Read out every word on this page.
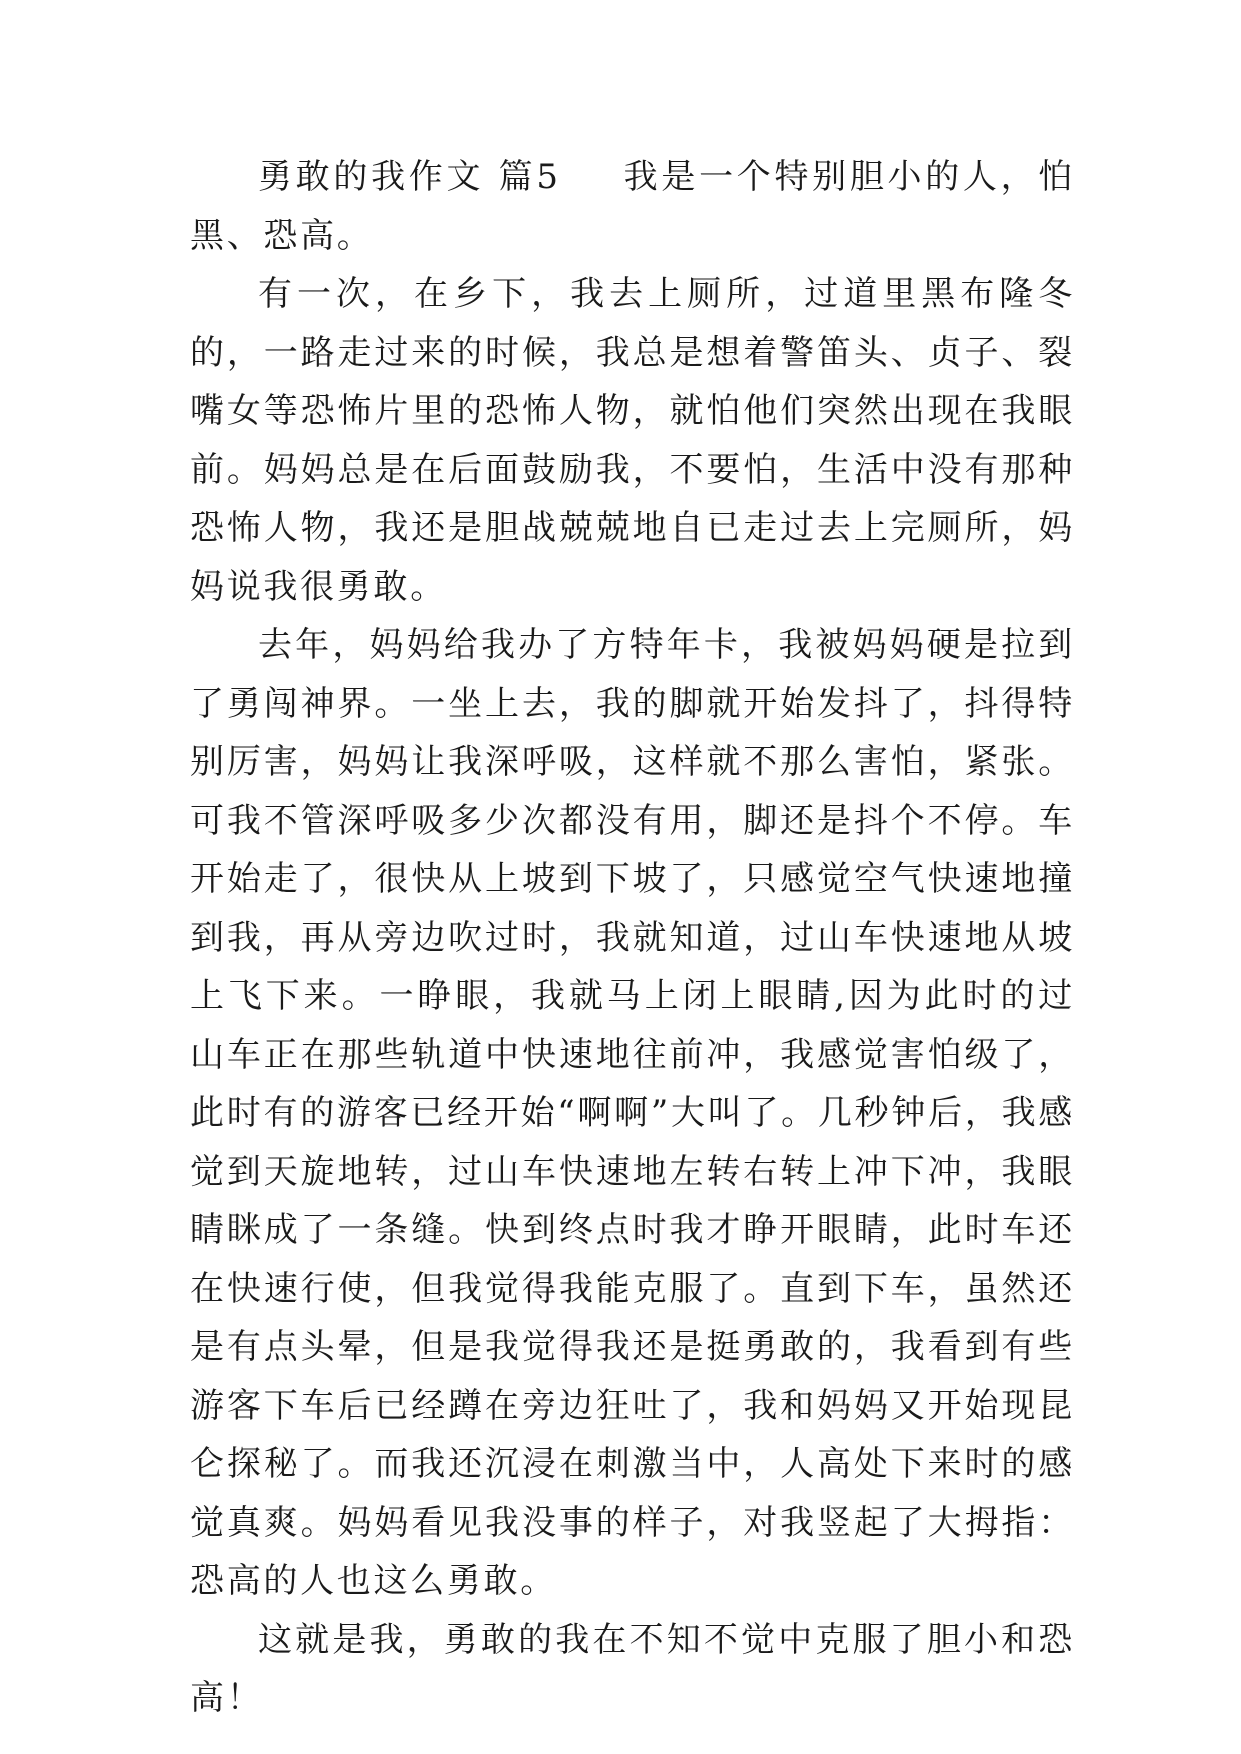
勇敢的我作文 篇5 我是一个特别胆小的人，怕黑、恐高。

有一次，在乡下，我去上厕所，过道里黑布隆冬的，一路走过来的时候，我总是想着警笛头、贞子、裂嘴女等恐怖片里的恐怖人物，就怕他们突然出现在我眼前。妈妈总是在后面鼓励我，不要怕，生活中没有那种恐怖人物，我还是胆战兢兢地自已走过去上完厕所，妈妈说我很勇敢。

去年，妈妈给我办了方特年卡，我被妈妈硬是拉到了勇闯神界。一坐上去，我的脚就开始发抖了，抖得特别厉害，妈妈让我深呼吸，这样就不那么害怕，紧张。可我不管深呼吸多少次都没有用，脚还是抖个不停。车开始走了，很快从上坡到下坡了，只感觉空气快速地撞到我，再从旁边吹过时，我就知道，过山车快速地从坡上飞下来。一睁眼，我就马上闭上眼睛,因为此时的过山车正在那些轨道中快速地往前冲，我感觉害怕级了，此时有的游客已经开始“啊啊”大叫了。几秒钟后，我感觉到天旋地转，过山车快速地左转右转上冲下冲，我眼睛眯成了一条缝。快到终点时我才睁开眼睛，此时车还在快速行使，但我觉得我能克服了。直到下车，虽然还是有点头晕，但是我觉得我还是挺勇敢的，我看到有些游客下车后已经蹲在旁边狂吐了，我和妈妈又开始现昆仑探秘了。而我还沉浸在刺激当中，人高处下来时的感觉真爽。妈妈看见我没事的样子，对我竖起了大拇指：恐高的人也这么勇敢。

这就是我，勇敢的我在不知不觉中克服了胆小和恐高！
